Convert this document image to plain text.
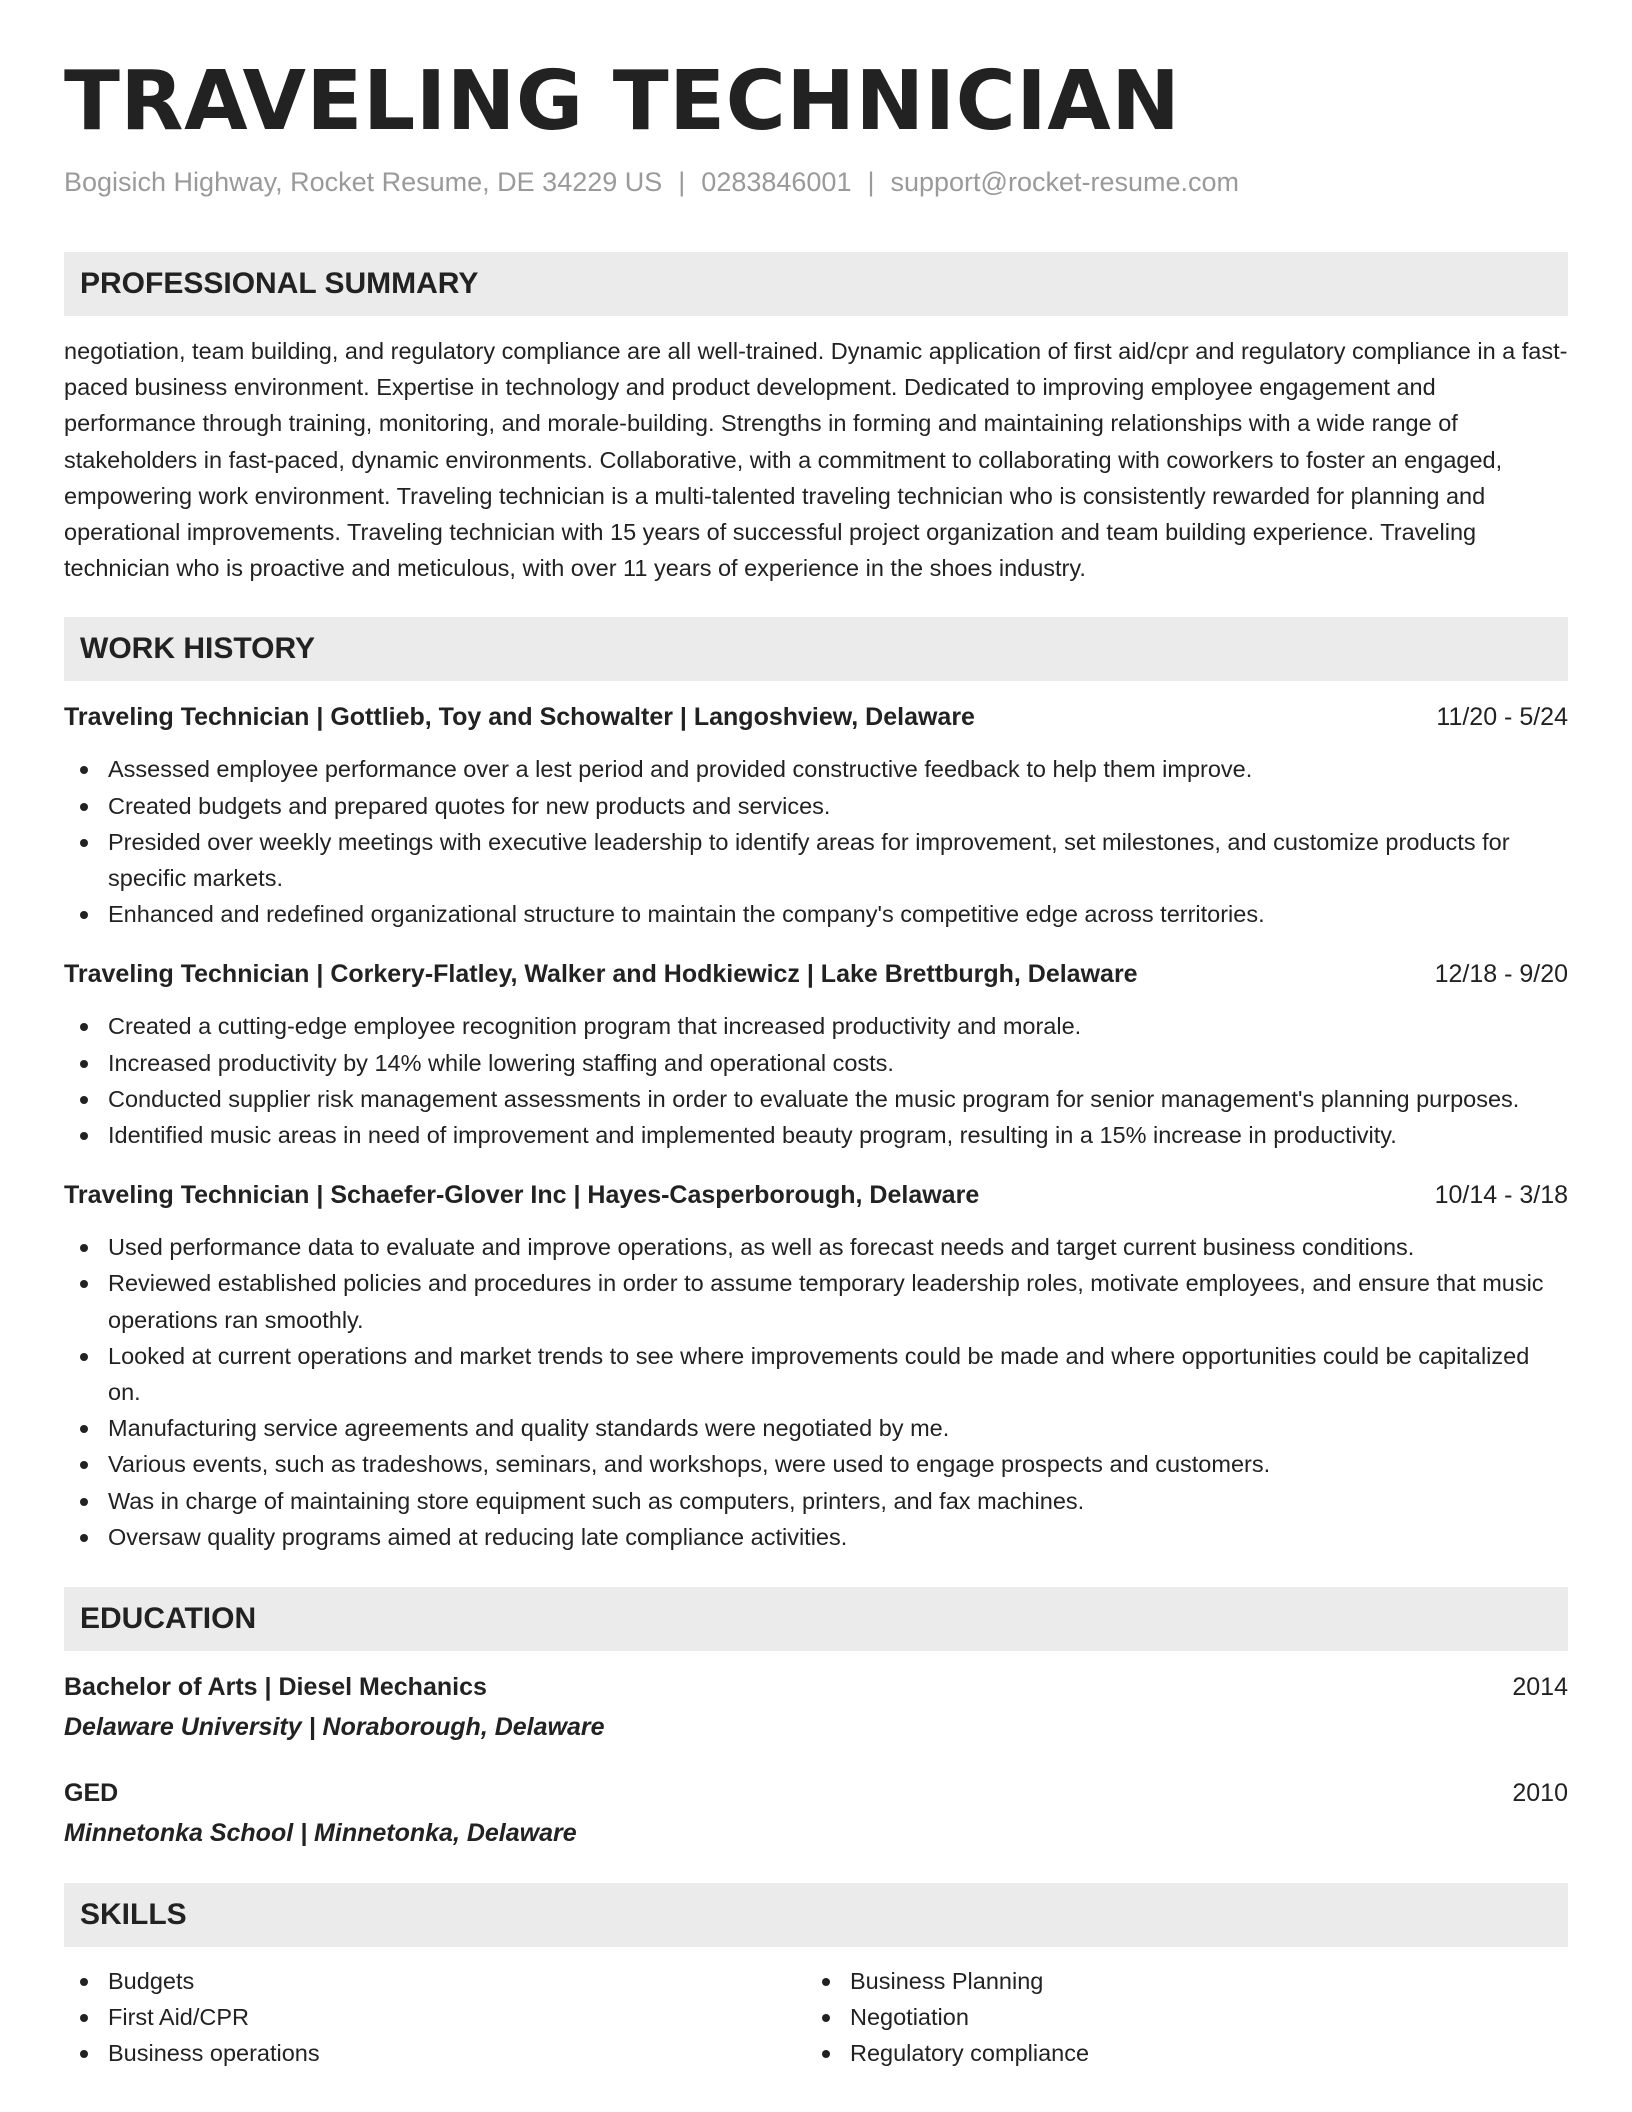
TRAVELING TECHNICIAN
Bogisich Highway, Rocket Resume, DE 34229 US | 0283846001 | support@rocket-resume.com
PROFESSIONAL SUMMARY
negotiation, team building, and regulatory compliance are all well-trained. Dynamic application of first aid/cpr and regulatory compliance in a fast-paced business environment. Expertise in technology and product development. Dedicated to improving employee engagement and performance through training, monitoring, and morale-building. Strengths in forming and maintaining relationships with a wide range of stakeholders in fast-paced, dynamic environments. Collaborative, with a commitment to collaborating with coworkers to foster an engaged, empowering work environment. Traveling technician is a multi-talented traveling technician who is consistently rewarded for planning and operational improvements. Traveling technician with 15 years of successful project organization and team building experience. Traveling technician who is proactive and meticulous, with over 11 years of experience in the shoes industry.
WORK HISTORY
Traveling Technician | Gottlieb, Toy and Schowalter | Langoshview, Delaware	11/20 - 5/24
Assessed employee performance over a lest period and provided constructive feedback to help them improve.
Created budgets and prepared quotes for new products and services.
Presided over weekly meetings with executive leadership to identify areas for improvement, set milestones, and customize products for specific markets.
Enhanced and redefined organizational structure to maintain the company's competitive edge across territories.
Traveling Technician | Corkery-Flatley, Walker and Hodkiewicz | Lake Brettburgh, Delaware	12/18 - 9/20
Created a cutting-edge employee recognition program that increased productivity and morale.
Increased productivity by 14% while lowering staffing and operational costs.
Conducted supplier risk management assessments in order to evaluate the music program for senior management's planning purposes.
Identified music areas in need of improvement and implemented beauty program, resulting in a 15% increase in productivity.
Traveling Technician | Schaefer-Glover Inc | Hayes-Casperborough, Delaware	10/14 - 3/18
Used performance data to evaluate and improve operations, as well as forecast needs and target current business conditions.
Reviewed established policies and procedures in order to assume temporary leadership roles, motivate employees, and ensure that music operations ran smoothly.
Looked at current operations and market trends to see where improvements could be made and where opportunities could be capitalized on.
Manufacturing service agreements and quality standards were negotiated by me.
Various events, such as tradeshows, seminars, and workshops, were used to engage prospects and customers.
Was in charge of maintaining store equipment such as computers, printers, and fax machines.
Oversaw quality programs aimed at reducing late compliance activities.
EDUCATION
Bachelor of Arts | Diesel Mechanics	2014
Delaware University | Noraborough, Delaware
GED	2010
Minnetonka School | Minnetonka, Delaware
SKILLS
Budgets
First Aid/CPR
Business operations
Business Planning
Negotiation
Regulatory compliance
